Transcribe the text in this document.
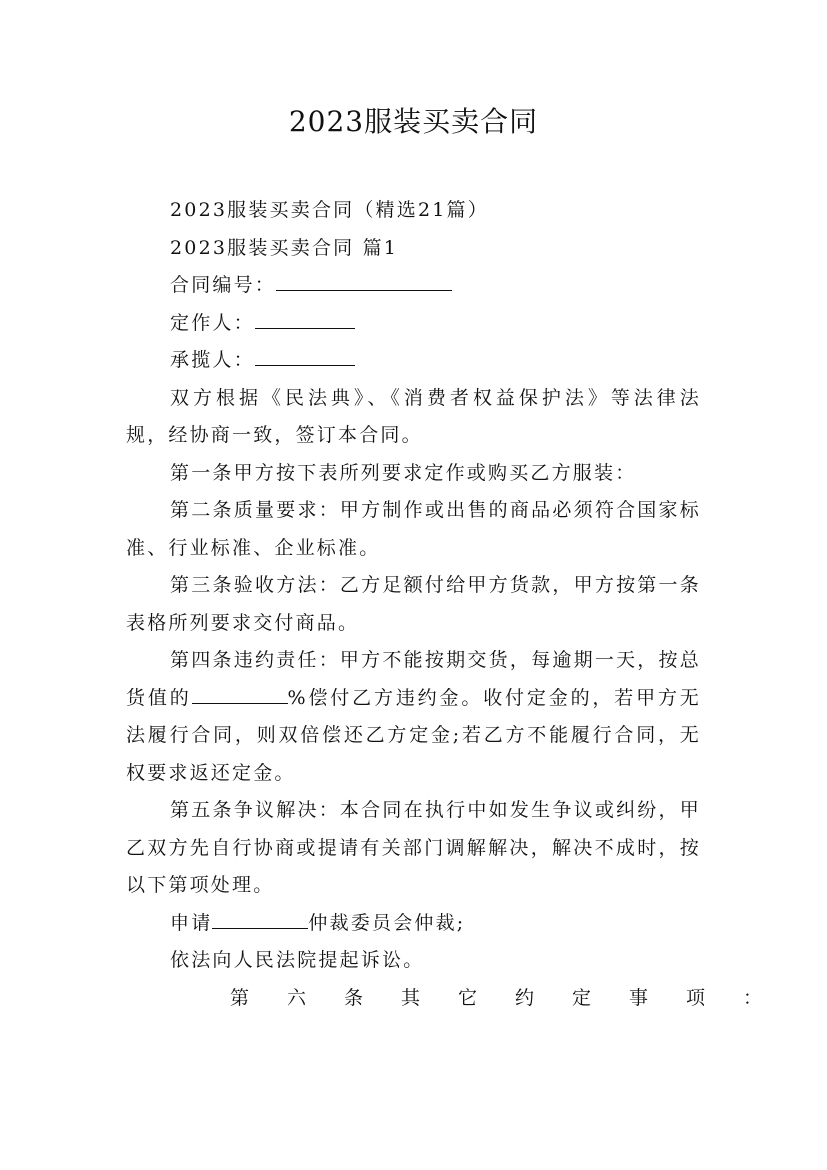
2023服装买卖合同

2023服装买卖合同（精选21篇）

2023服装买卖合同 篇1

合同编号：

定作人：

承揽人：

双方根据《民法典》、《消费者权益保护法》等法律法规，经协商一致，签订本合同。

第一条甲方按下表所列要求定作或购买乙方服装：

第二条质量要求：甲方制作或出售的商品必须符合国家标准、行业标准、企业标准。

第三条验收方法：乙方足额付给甲方货款，甲方按第一条表格所列要求交付商品。

第四条违约责任：甲方不能按期交货，每逾期一天，按总货值的	%偿付乙方违约金。收付定金的，若甲方无法履行合同，则双倍偿还乙方定金;若乙方不能履行合同，无权要求返还定金。

第五条争议解决：本合同在执行中如发生争议或纠纷，甲乙双方先自行协商或提请有关部门调解解决，解决不成时，按以下第项处理。

申请	仲裁委员会仲裁;

依法向人民法院提起诉讼。

第六条其它约定事项：
